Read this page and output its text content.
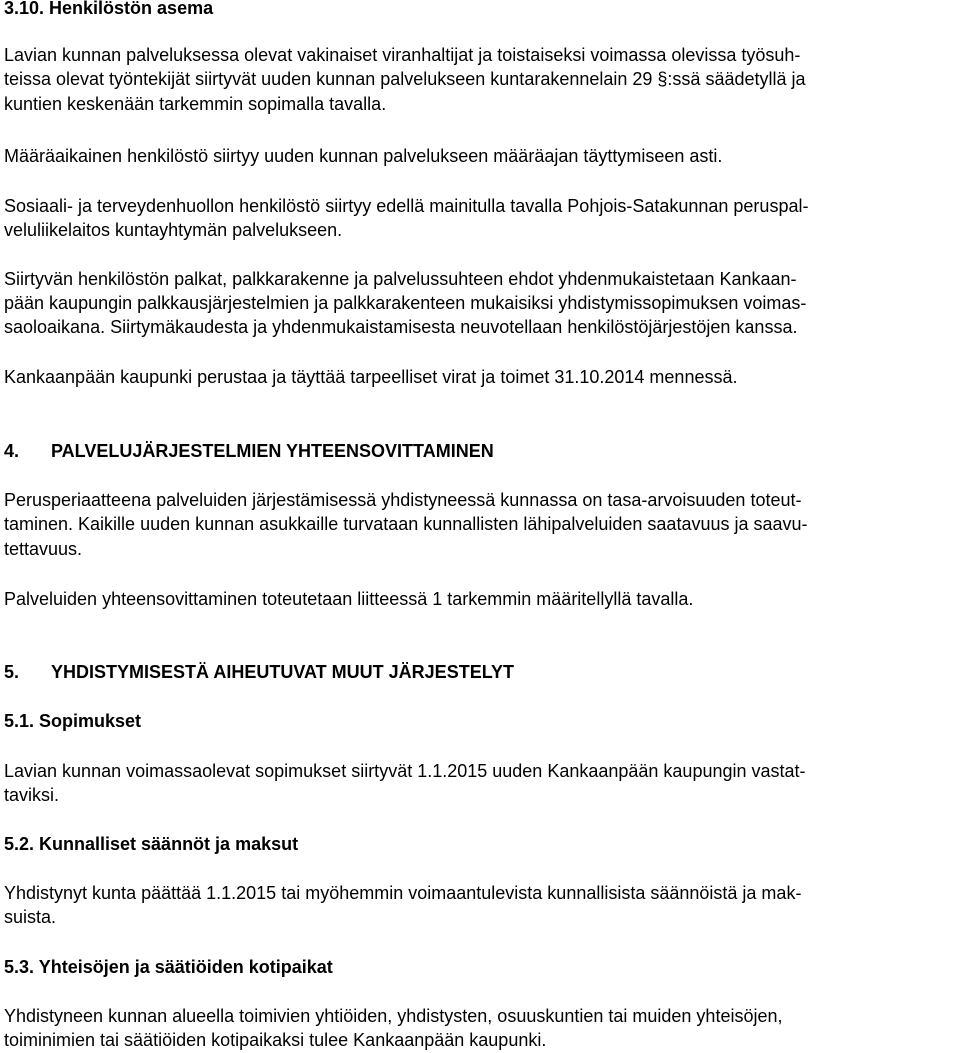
3.10. Henkilöstön asema

Lavian kunnan palveluksessa olevat vakinaiset viranhaltijat ja toistaiseksi voimassa olevissa työsuh-

teissa olevat työntekijät siirtyvät uuden kunnan palvelukseen kuntarakennelain 29 §:ssä säädetyllä ja

kuntien keskenään tarkemmin sopimalla tavalla.

Määräaikainen henkilöstö siirtyy uuden kunnan palvelukseen määräajan täyttymiseen asti.

Sosiaali- ja terveydenhuollon henkilöstö siirtyy edellä mainitulla tavalla Pohjois-Satakunnan peruspal-

veluliikelaitos kuntayhtymän palvelukseen.

Siirtyvän henkilöstön palkat, palkkarakenne ja palvelussuhteen ehdot yhdenmukaistetaan Kankaan-

pään kaupungin palkkausjärjestelmien ja palkkarakenteen mukaisiksi yhdistymissopimuksen voimas-

saoloaikana. Siirtymäkaudesta ja yhdenmukaistamisesta neuvotellaan henkilöstöjärjestöjen kanssa.

Kankaanpään kaupunki perustaa ja täyttää tarpeelliset virat ja toimet 31.10.2014 mennessä.

4. PALVELUJÄRJESTELMIEN YHTEENSOVITTAMINEN

Perusperiaatteena palveluiden järjestämisessä yhdistyneessä kunnassa on tasa-arvoisuuden toteut-

taminen. Kaikille uuden kunnan asukkaille turvataan kunnallisten lähipalveluiden saatavuus ja saavu-

tettavuus.

Palveluiden yhteensovittaminen toteutetaan liitteessä 1 tarkemmin määritellyllä tavalla.

5. YHDISTYMISESTÄ AIHEUTUVAT MUUT JÄRJESTELYT

5.1. Sopimukset

Lavian kunnan voimassaolevat sopimukset siirtyvät 1.1.2015 uuden Kankaanpään kaupungin vastat-

taviksi.

5.2. Kunnalliset säännöt ja maksut

Yhdistynyt kunta päättää 1.1.2015 tai myöhemmin voimaantulevista kunnallisista säännöistä ja mak-

suista.

5.3. Yhteisöjen ja säätiöiden kotipaikat

Yhdistyneen kunnan alueella toimivien yhtiöiden, yhdistysten, osuuskuntien tai muiden yhteisöjen,

toiminimien tai säätiöiden kotipaikaksi tulee Kankaanpään kaupunki.
